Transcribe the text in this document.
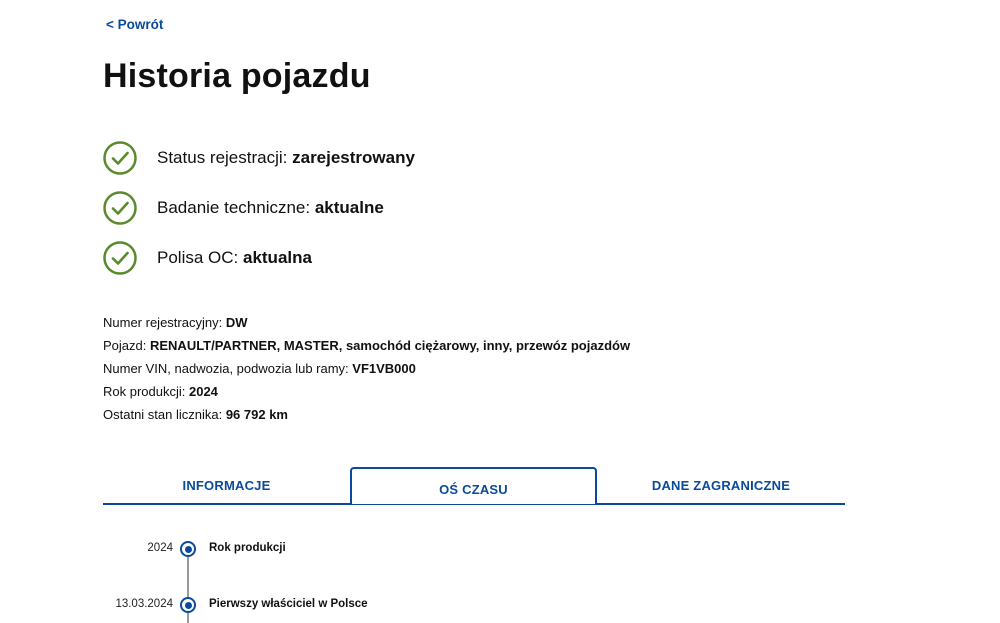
< Powrót
Historia pojazdu
Status rejestracji: zarejestrowany
Badanie techniczne: aktualne
Polisa OC: aktualna
Numer rejestracyjny: DW
Pojazd: RENAULT/PARTNER, MASTER, samochód ciężarowy, inny, przewóz pojazdów
Numer VIN, nadwozia, podwozia lub ramy: VF1VB000
Rok produkcji: 2024
Ostatni stan licznika: 96 792 km
INFORMACJE	OŚ CZASU	DANE ZAGRANICZNE
2024	Rok produkcji
13.03.2024	Pierwszy właściciel w Polsce
